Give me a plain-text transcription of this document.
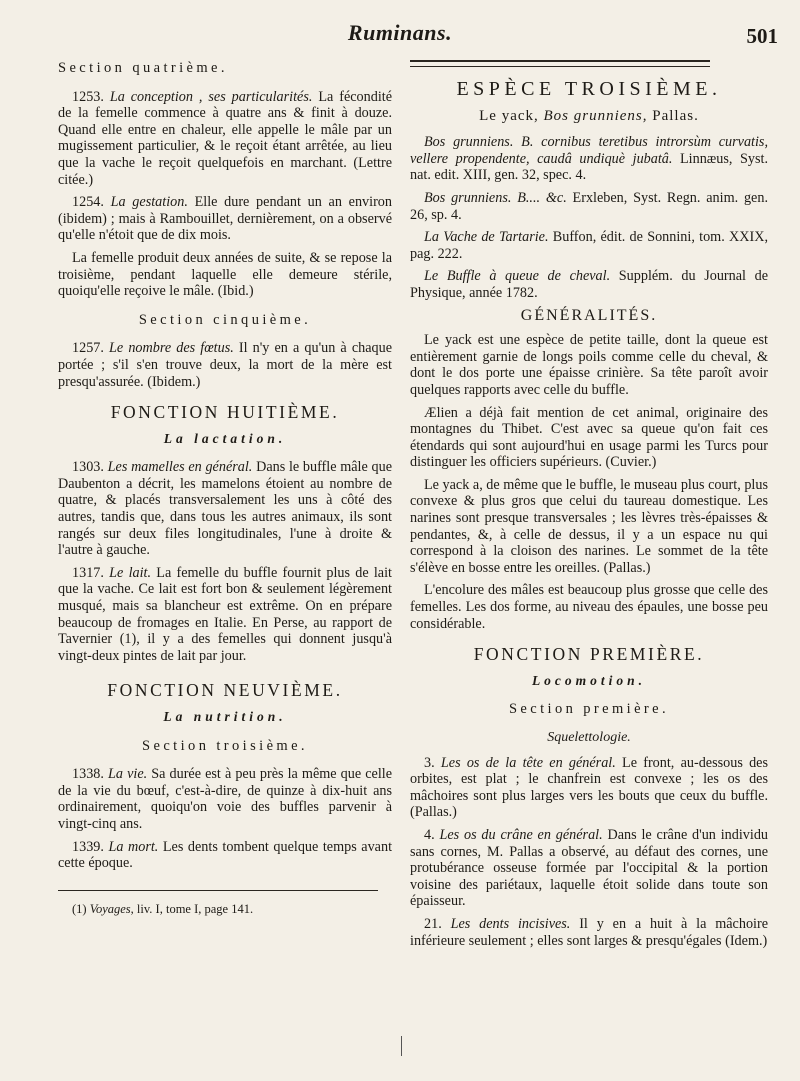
Ruminans.	501
Section quatrième.

1253. La conception , ses particularités. La fécondité de la femelle commence à quatre ans & finit à douze. Quand elle entre en chaleur, elle appelle le mâle par un mugissement particulier, & le reçoit étant arrêtée, au lieu que la vache le reçoit quelquefois en marchant. (Lettre citée.)

1254. La gestation. Elle dure pendant un an environ (ibidem) ; mais à Rambouillet, dernièrement, on a observé qu'elle n'étoit que de dix mois.

La femelle produit deux années de suite, & se repose la troisième, pendant laquelle elle demeure stérile, quoiqu'elle reçoive le mâle. (Ibid.)

Section cinquième.

1257. Le nombre des fœtus. Il n'y en a qu'un à chaque portée ; s'il s'en trouve deux, la mort de la mère est presqu'assurée. (Ibidem.)

FONCTION HUITIÈME.
La lactation.

1303. Les mamelles en général. Dans le buffle mâle que Daubenton a décrit, les mamelons étoient au nombre de quatre, & placés transversalement les uns à côté des autres, tandis que, dans tous les autres animaux, ils sont rangés sur deux files longitudinales, l'une à droite & l'autre à gauche.

1317. Le lait. La femelle du buffle fournit plus de lait que la vache. Ce lait est fort bon & seulement légèrement musqué, mais sa blancheur est extrême. On en prépare beaucoup de fromages en Italie. En Perse, au rapport de Tavernier (1), il y a des femelles qui donnent jusqu'à vingt-deux pintes de lait par jour.

FONCTION NEUVIÈME.
La nutrition.
Section troisième.

1338. La vie. Sa durée est à peu près la même que celle de la vie du bœuf, c'est-à-dire, de quinze à dix-huit ans ordinairement, quoiqu'on voie des buffles parvenir à vingt-cinq ans.

1339. La mort. Les dents tombent quelque temps avant cette époque.

(1) Voyages, liv. I, tome I, page 141.

ESPÈCE TROISIÈME.

Le yack, Bos grunniens, Pallas.

Bos grunniens. B. cornibus teretibus introrsùm curvatis, vellere propendente, caudâ undiquè jubatâ. Linnæus, Syst. nat. edit. XIII, gen. 32, spec. 4.

Bos grunniens. B.... &c. Erxleben, Syst. Regn. anim. gen. 26, sp. 4.

La Vache de Tartarie. Buffon, édit. de Sonnini, tom. XXIX, pag. 222.

Le Buffle à queue de cheval. Supplém. du Journal de Physique, année 1782.

GÉNÉRALITÉS.

Le yack est une espèce de petite taille, dont la queue est entièrement garnie de longs poils comme celle du cheval, & dont le dos porte une épaisse crinière. Sa tête paroît avoir quelques rapports avec celle du buffle.

Ælien a déjà fait mention de cet animal, originaire des montagnes du Thibet. C'est avec sa queue qu'on fait ces étendards qui sont aujourd'hui en usage parmi les Turcs pour distinguer les officiers supérieurs. (Cuvier.)

Le yack a, de même que le buffle, le museau plus court, plus convexe & plus gros que celui du taureau domestique. Les narines sont presque transversales ; les lèvres très-épaisses & pendantes, &, à celle de dessus, il y a un espace nu qui correspond à la cloison des narines. Le sommet de la tête s'élève en bosse entre les oreilles. (Pallas.)

L'encolure des mâles est beaucoup plus grosse que celle des femelles. Les dos forme, au niveau des épaules, une bosse peu considérable.

FONCTION PREMIÈRE.
Locomotion.
Section première.
Squelettologie.

3. Les os de la tête en général. Le front, au-dessous des orbites, est plat ; le chanfrein est convexe ; les os des mâchoires sont plus larges vers les bouts que ceux du buffle. (Pallas.)

4. Les os du crâne en général. Dans le crâne d'un individu sans cornes, M. Pallas a observé, au défaut des cornes, une protubérance osseuse formée par l'occipital & la portion voisine des pariétaux, laquelle étoit solide dans toute son épaisseur.

21. Les dents incisives. Il y en a huit à la mâchoire inférieure seulement ; elles sont larges & presqu'égales (Idem.)
